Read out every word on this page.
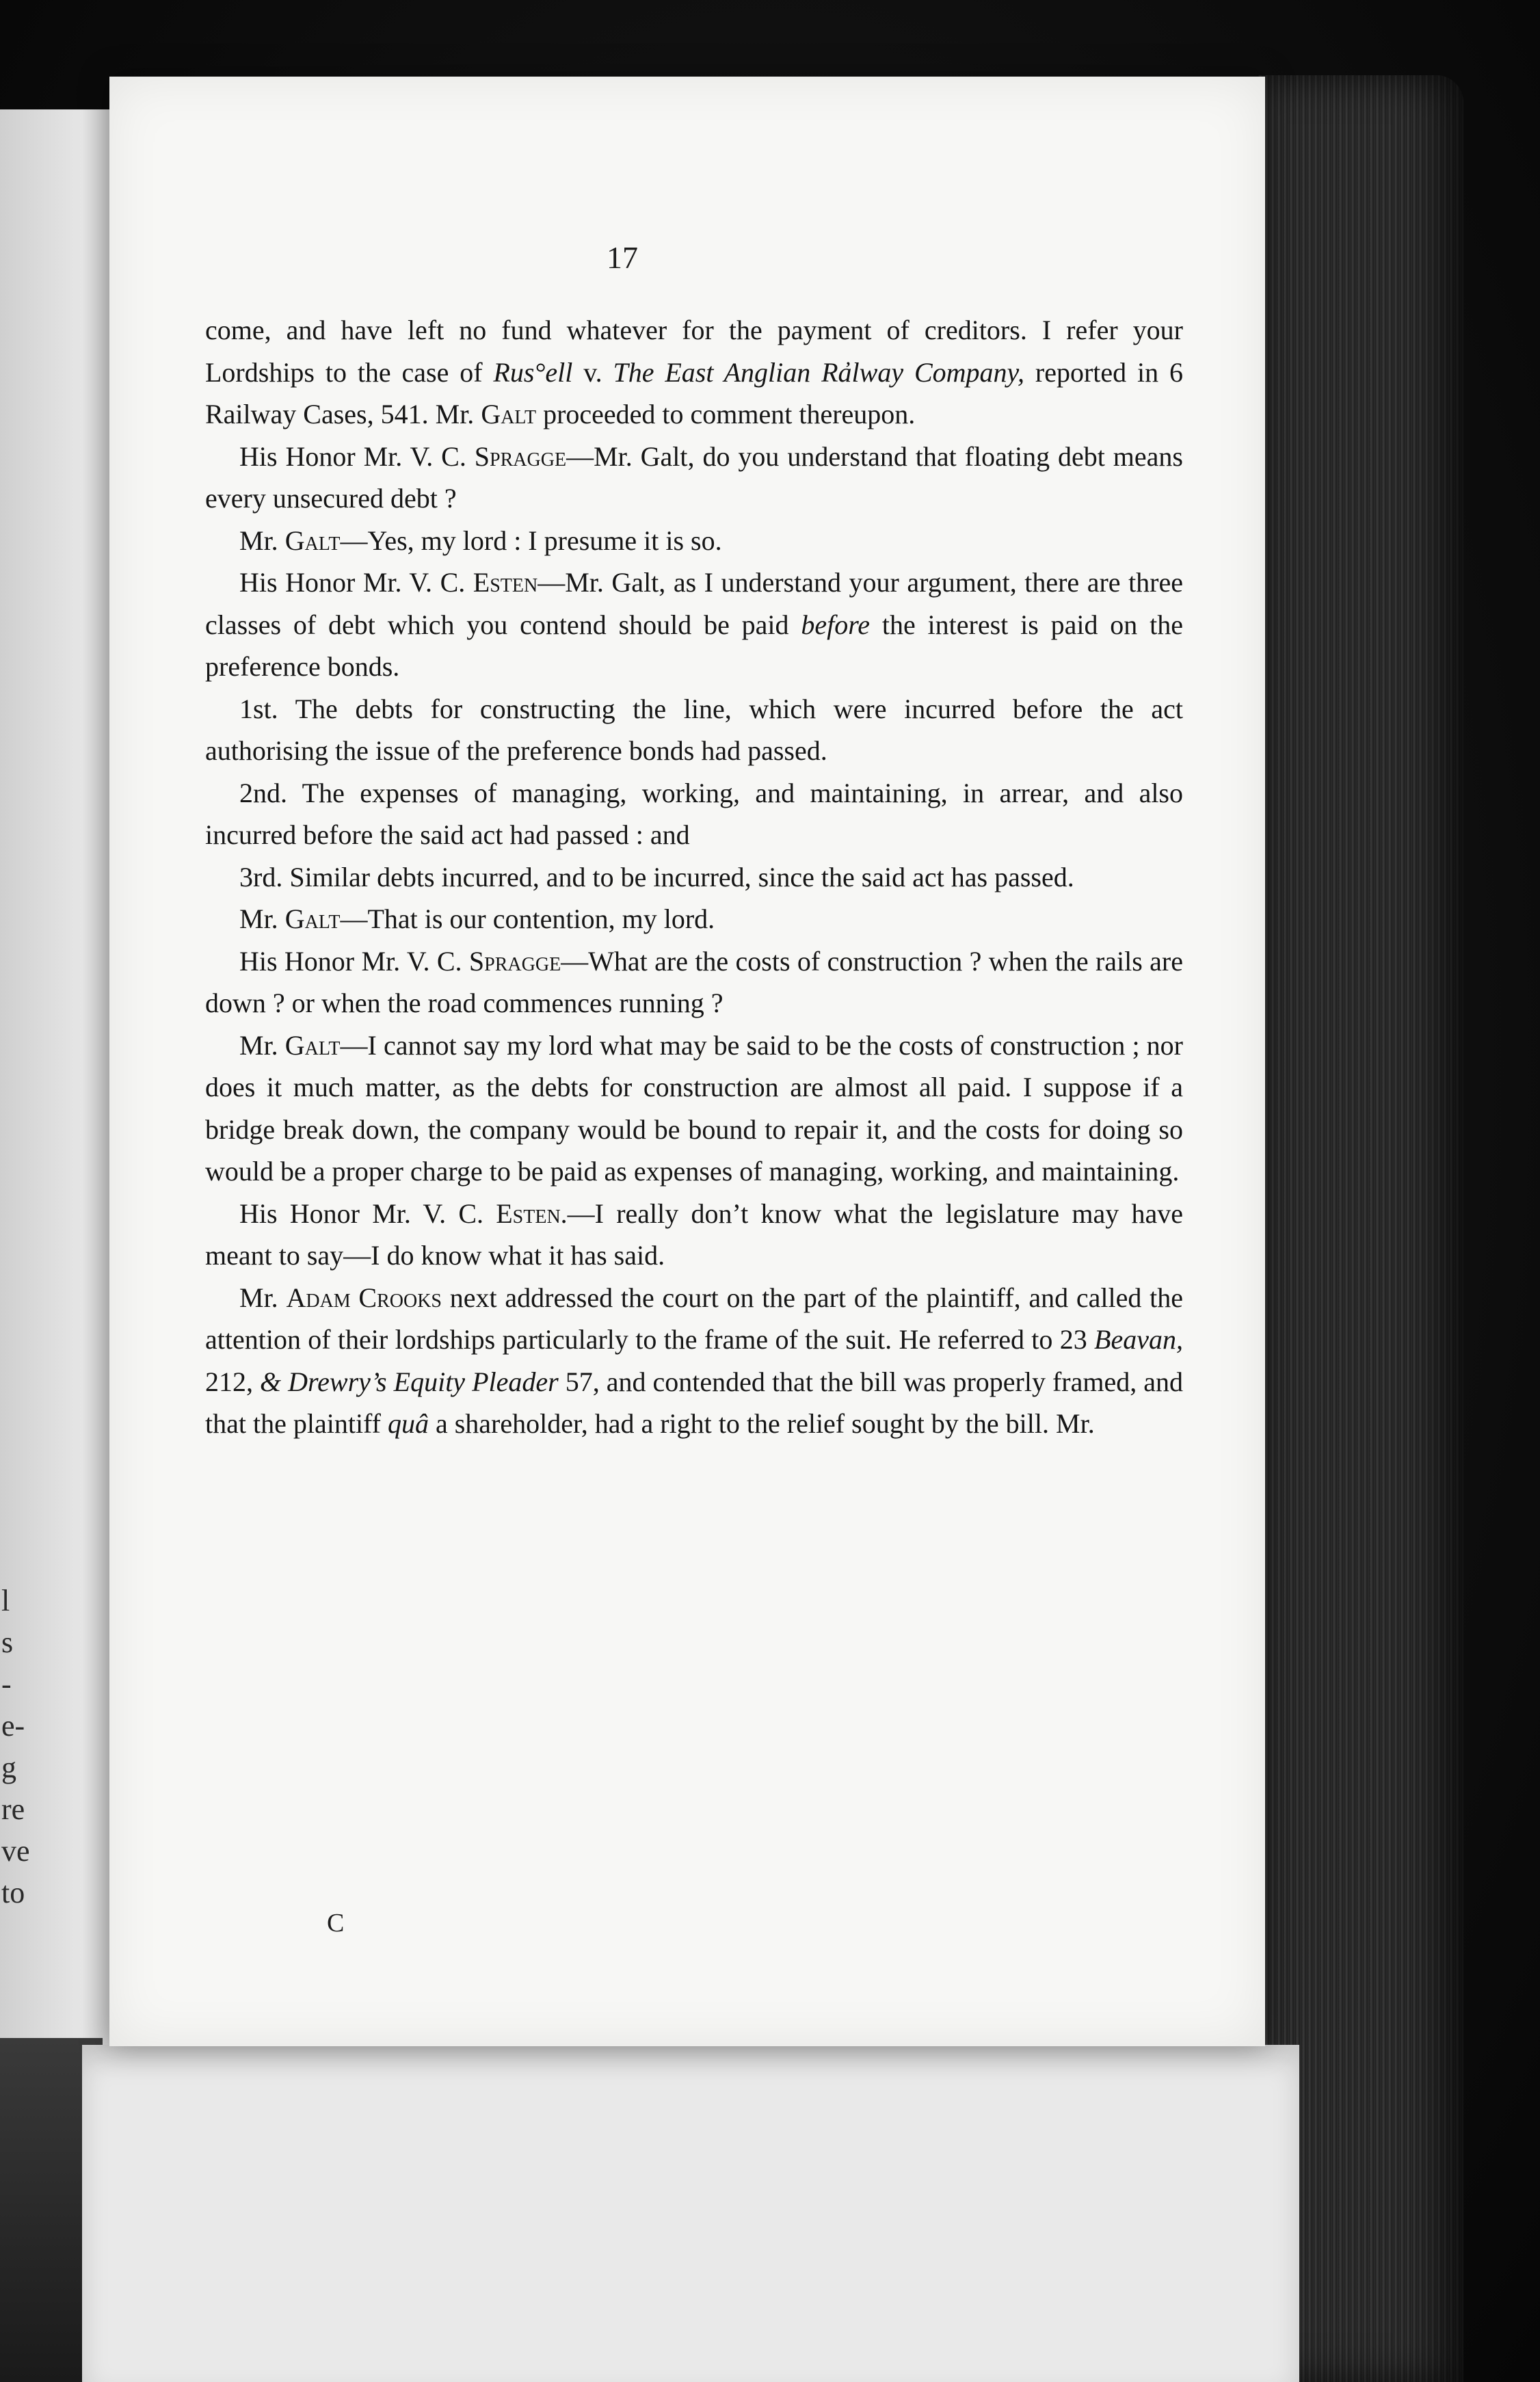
l
s
-
e-
g
re
ve
to
17

come, and have left no fund whatever for the payment of creditors. I refer your Lordships to the case of Rus°ell v. The East Anglian Ra̓lway Company, reported in 6 Railway Cases, 541. Mr. Galt proceeded to comment thereupon.

His Honor Mr. V. C. Spragge—Mr. Galt, do you understand that floating debt means every unsecured debt ?

Mr. Galt—Yes, my lord : I presume it is so.

His Honor Mr. V. C. Esten—Mr. Galt, as I understand your argument, there are three classes of debt which you contend should be paid before the interest is paid on the preference bonds.

1st. The debts for constructing the line, which were incurred before the act authorising the issue of the preference bonds had passed.

2nd. The expenses of managing, working, and maintaining, in arrear, and also incurred before the said act had passed : and

3rd. Similar debts incurred, and to be incurred, since the said act has passed.

Mr. Galt—That is our contention, my lord.

His Honor Mr. V. C. Spragge—What are the costs of construction ? when the rails are down ? or when the road commences running ?

Mr. Galt—I cannot say my lord what may be said to be the costs of construction ; nor does it much matter, as the debts for construction are almost all paid. I suppose if a bridge break down, the company would be bound to repair it, and the costs for doing so would be a proper charge to be paid as expenses of managing, working, and maintaining.

His Honor Mr. V. C. Esten.—I really don’t know what the legislature may have meant to say—I do know what it has said.

Mr. Adam Crooks next addressed the court on the part of the plaintiff, and called the attention of their lordships particularly to the frame of the suit. He referred to 23 Beavan, 212, & Drewry’s Equity Pleader 57, and contended that the bill was properly framed, and that the plaintiff quâ a shareholder, had a right to the relief sought by the bill. Mr.

C
